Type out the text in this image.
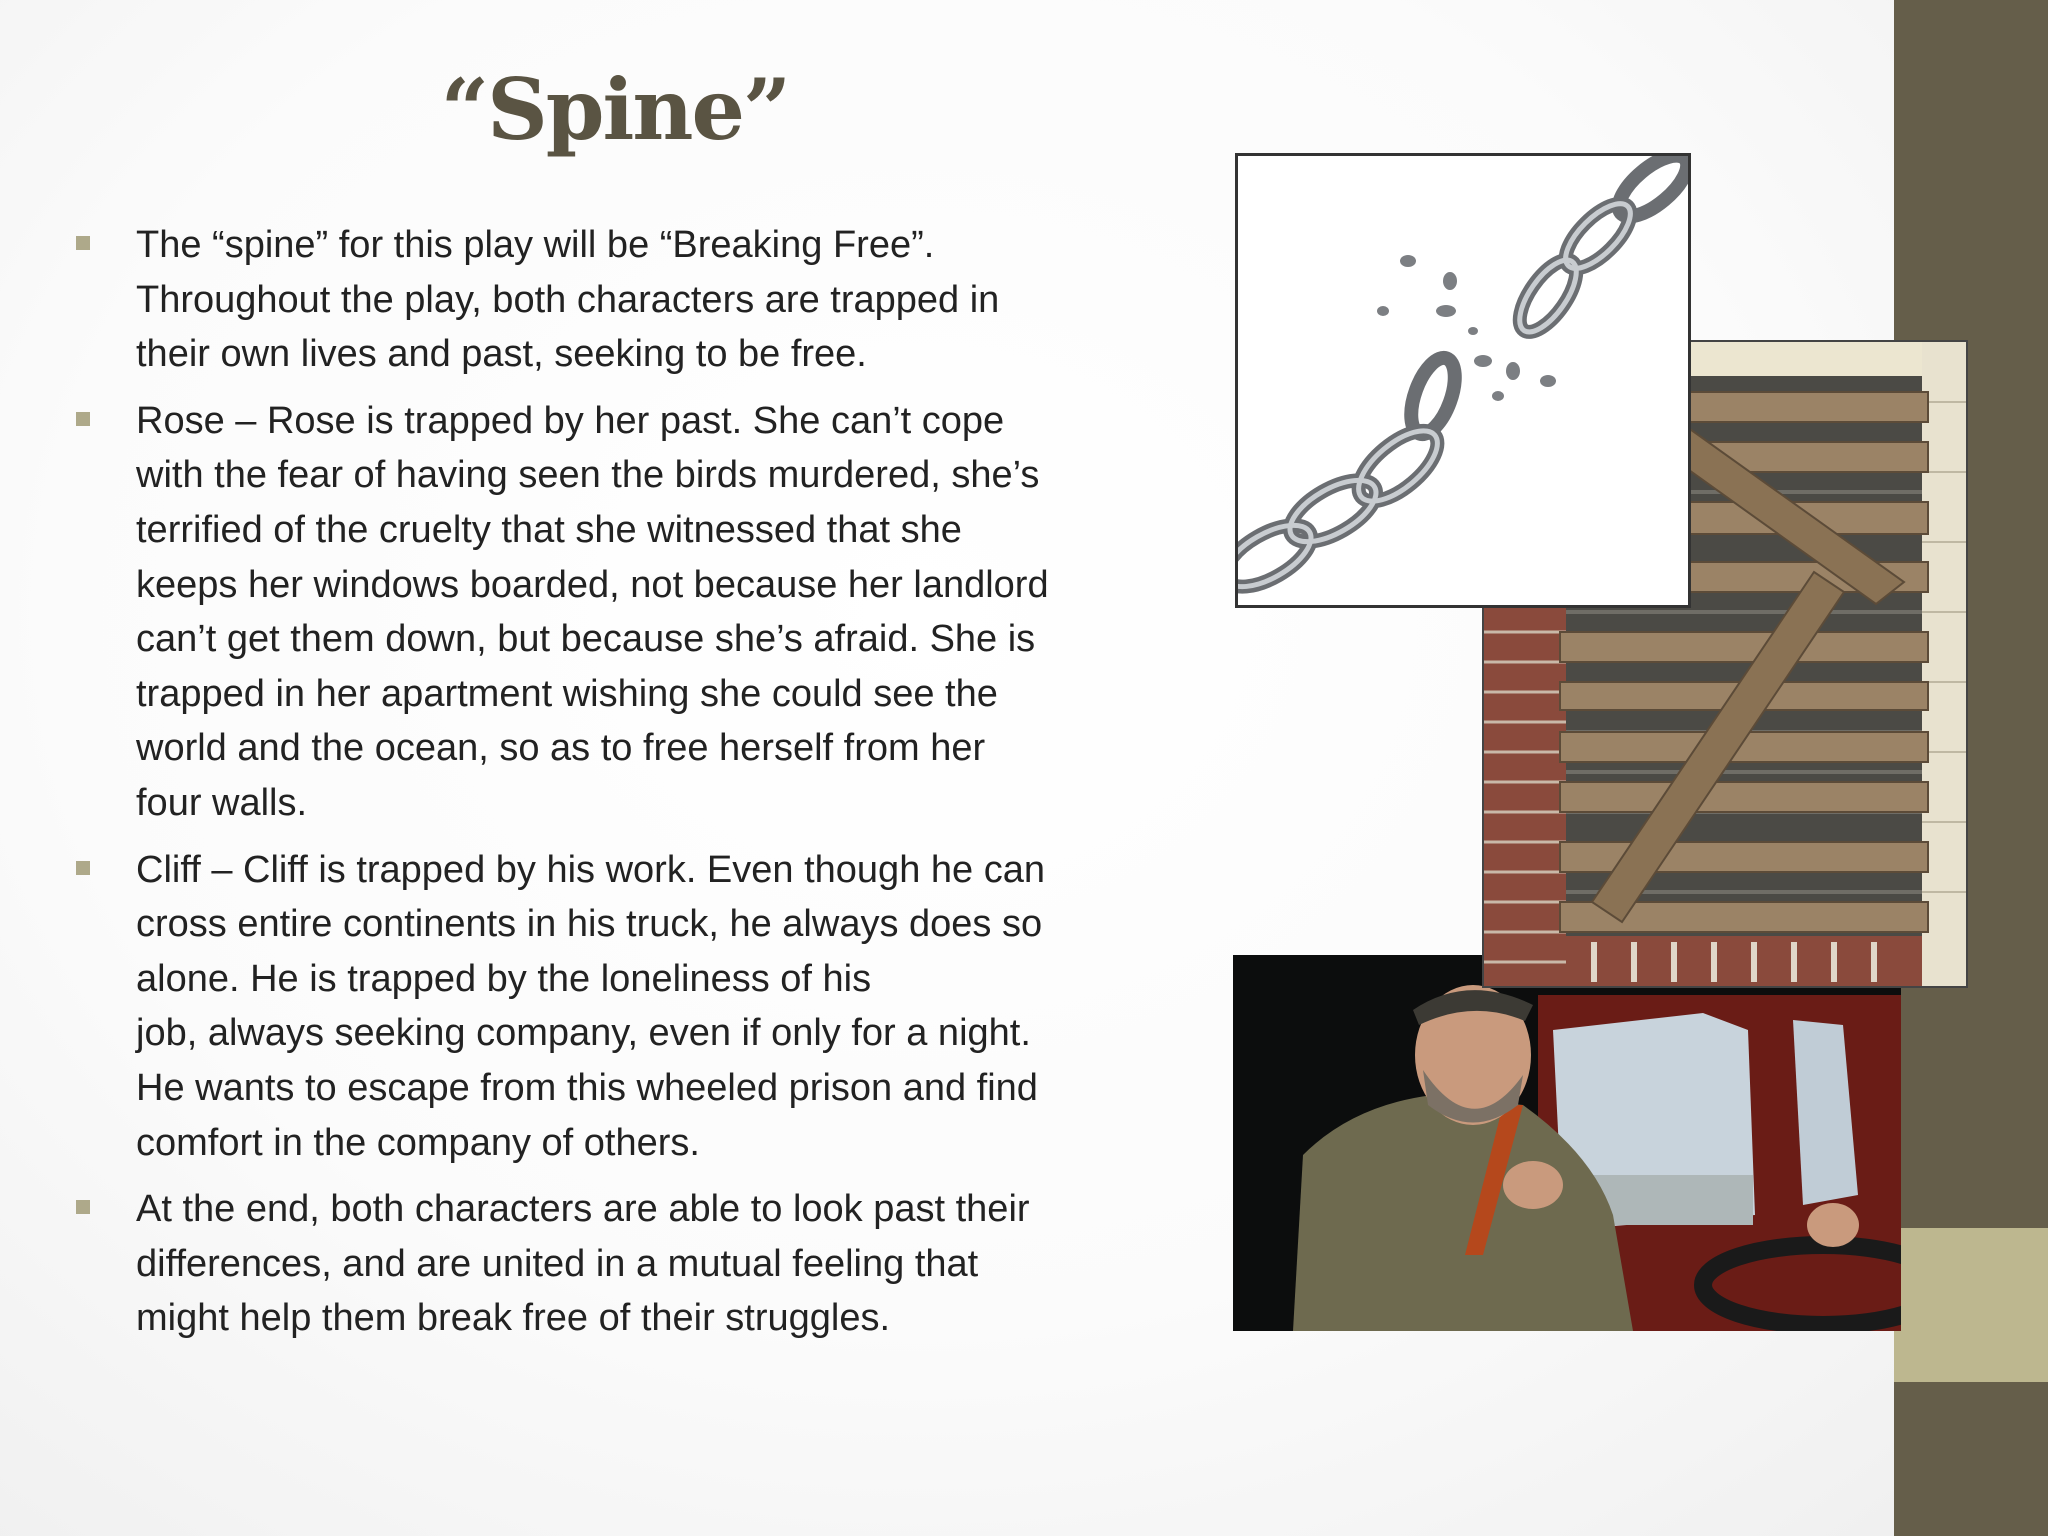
“Spine”
The “spine” for this play will be “Breaking Free”.
Throughout the play, both characters are trapped in
their own lives and past, seeking to be free.
Rose – Rose is trapped by her past. She can’t cope
with the fear of having seen the birds murdered, she’s
terrified of the cruelty that she witnessed that she
keeps her windows boarded, not because her landlord
can’t get them down, but because she’s afraid. She is
trapped in her apartment wishing she could see the
world and the ocean, so as to free herself from her
four walls.
Cliff – Cliff is trapped by his work. Even though he can
cross entire continents in his truck, he always does so
alone. He is trapped by the loneliness of his
job, always seeking company, even if only for a night.
He wants to escape from this wheeled prison and find
comfort in the company of others.
At the end, both characters are able to look past their
differences, and are united in a mutual feeling that
might help them break free of their struggles.
